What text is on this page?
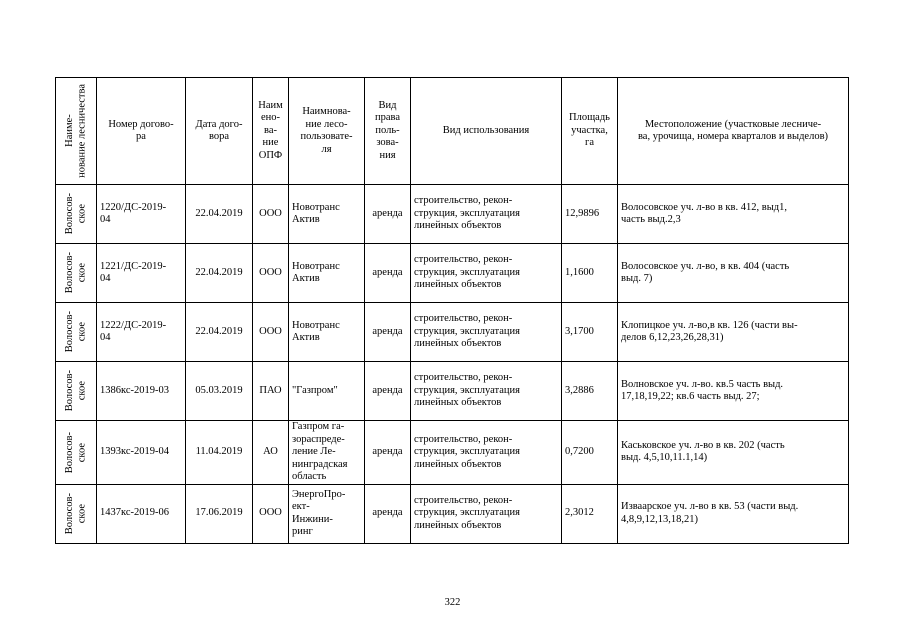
Наиме-
нование лесничества	Номер догово-
ра	Дата дого-
вора	Наим
ено-
ва-
ние
ОПФ	Наимнова-
ние лесо-
пользовате-
ля	Вид
права
поль-
зова-
ния	Вид использования	Площадь
участка,
га	Местоположение (участковые лесниче-
ва, урочища, номера кварталов и выделов)

Волосов-
ское	1220/ДС-2019-
04	22.04.2019	ООО	Новотранс
Актив	аренда	строительство, рекон-
струкция, эксплуатация
линейных объектов	12,9896	Волосовское уч. л-во в кв. 412, выд1,
часть выд.2,3

Волосов-
ское	1221/ДС-2019-
04	22.04.2019	ООО	Новотранс
Актив	аренда	строительство, рекон-
струкция, эксплуатация
линейных объектов	1,1600	Волосовское уч. л-во, в кв. 404 (часть
выд. 7)

Волосов-
ское	1222/ДС-2019-
04	22.04.2019	ООО	Новотранс
Актив	аренда	строительство, рекон-
струкция, эксплуатация
линейных объектов	3,1700	Клопицкое уч. л-во,в кв. 126 (части вы-
делов 6,12,23,26,28,31)

Волосов-
ское	1386кс-2019-03	05.03.2019	ПАО	"Газпром"	аренда	строительство, рекон-
струкция, эксплуатация
линейных объектов	3,2886	Волновское уч. л-во. кв.5 часть выд.
17,18,19,22; кв.6 часть выд. 27;

Волосов-
ское	1393кс-2019-04	11.04.2019	АО	Газпром га-
зораспреде-
ление Ле-
нинградская
область	аренда	строительство, рекон-
струкция, эксплуатация
линейных объектов	0,7200	Каськовское уч. л-во в кв. 202 (часть
выд. 4,5,10,11.1,14)

Волосов-
ское	1437кс-2019-06	17.06.2019	ООО	ЭнергоПро-
ект-
Инжини-
ринг	аренда	строительство, рекон-
струкция, эксплуатация
линейных объектов	2,3012	Изваарское уч. л-во в кв. 53 (части выд.
4,8,9,12,13,18,21)
322
